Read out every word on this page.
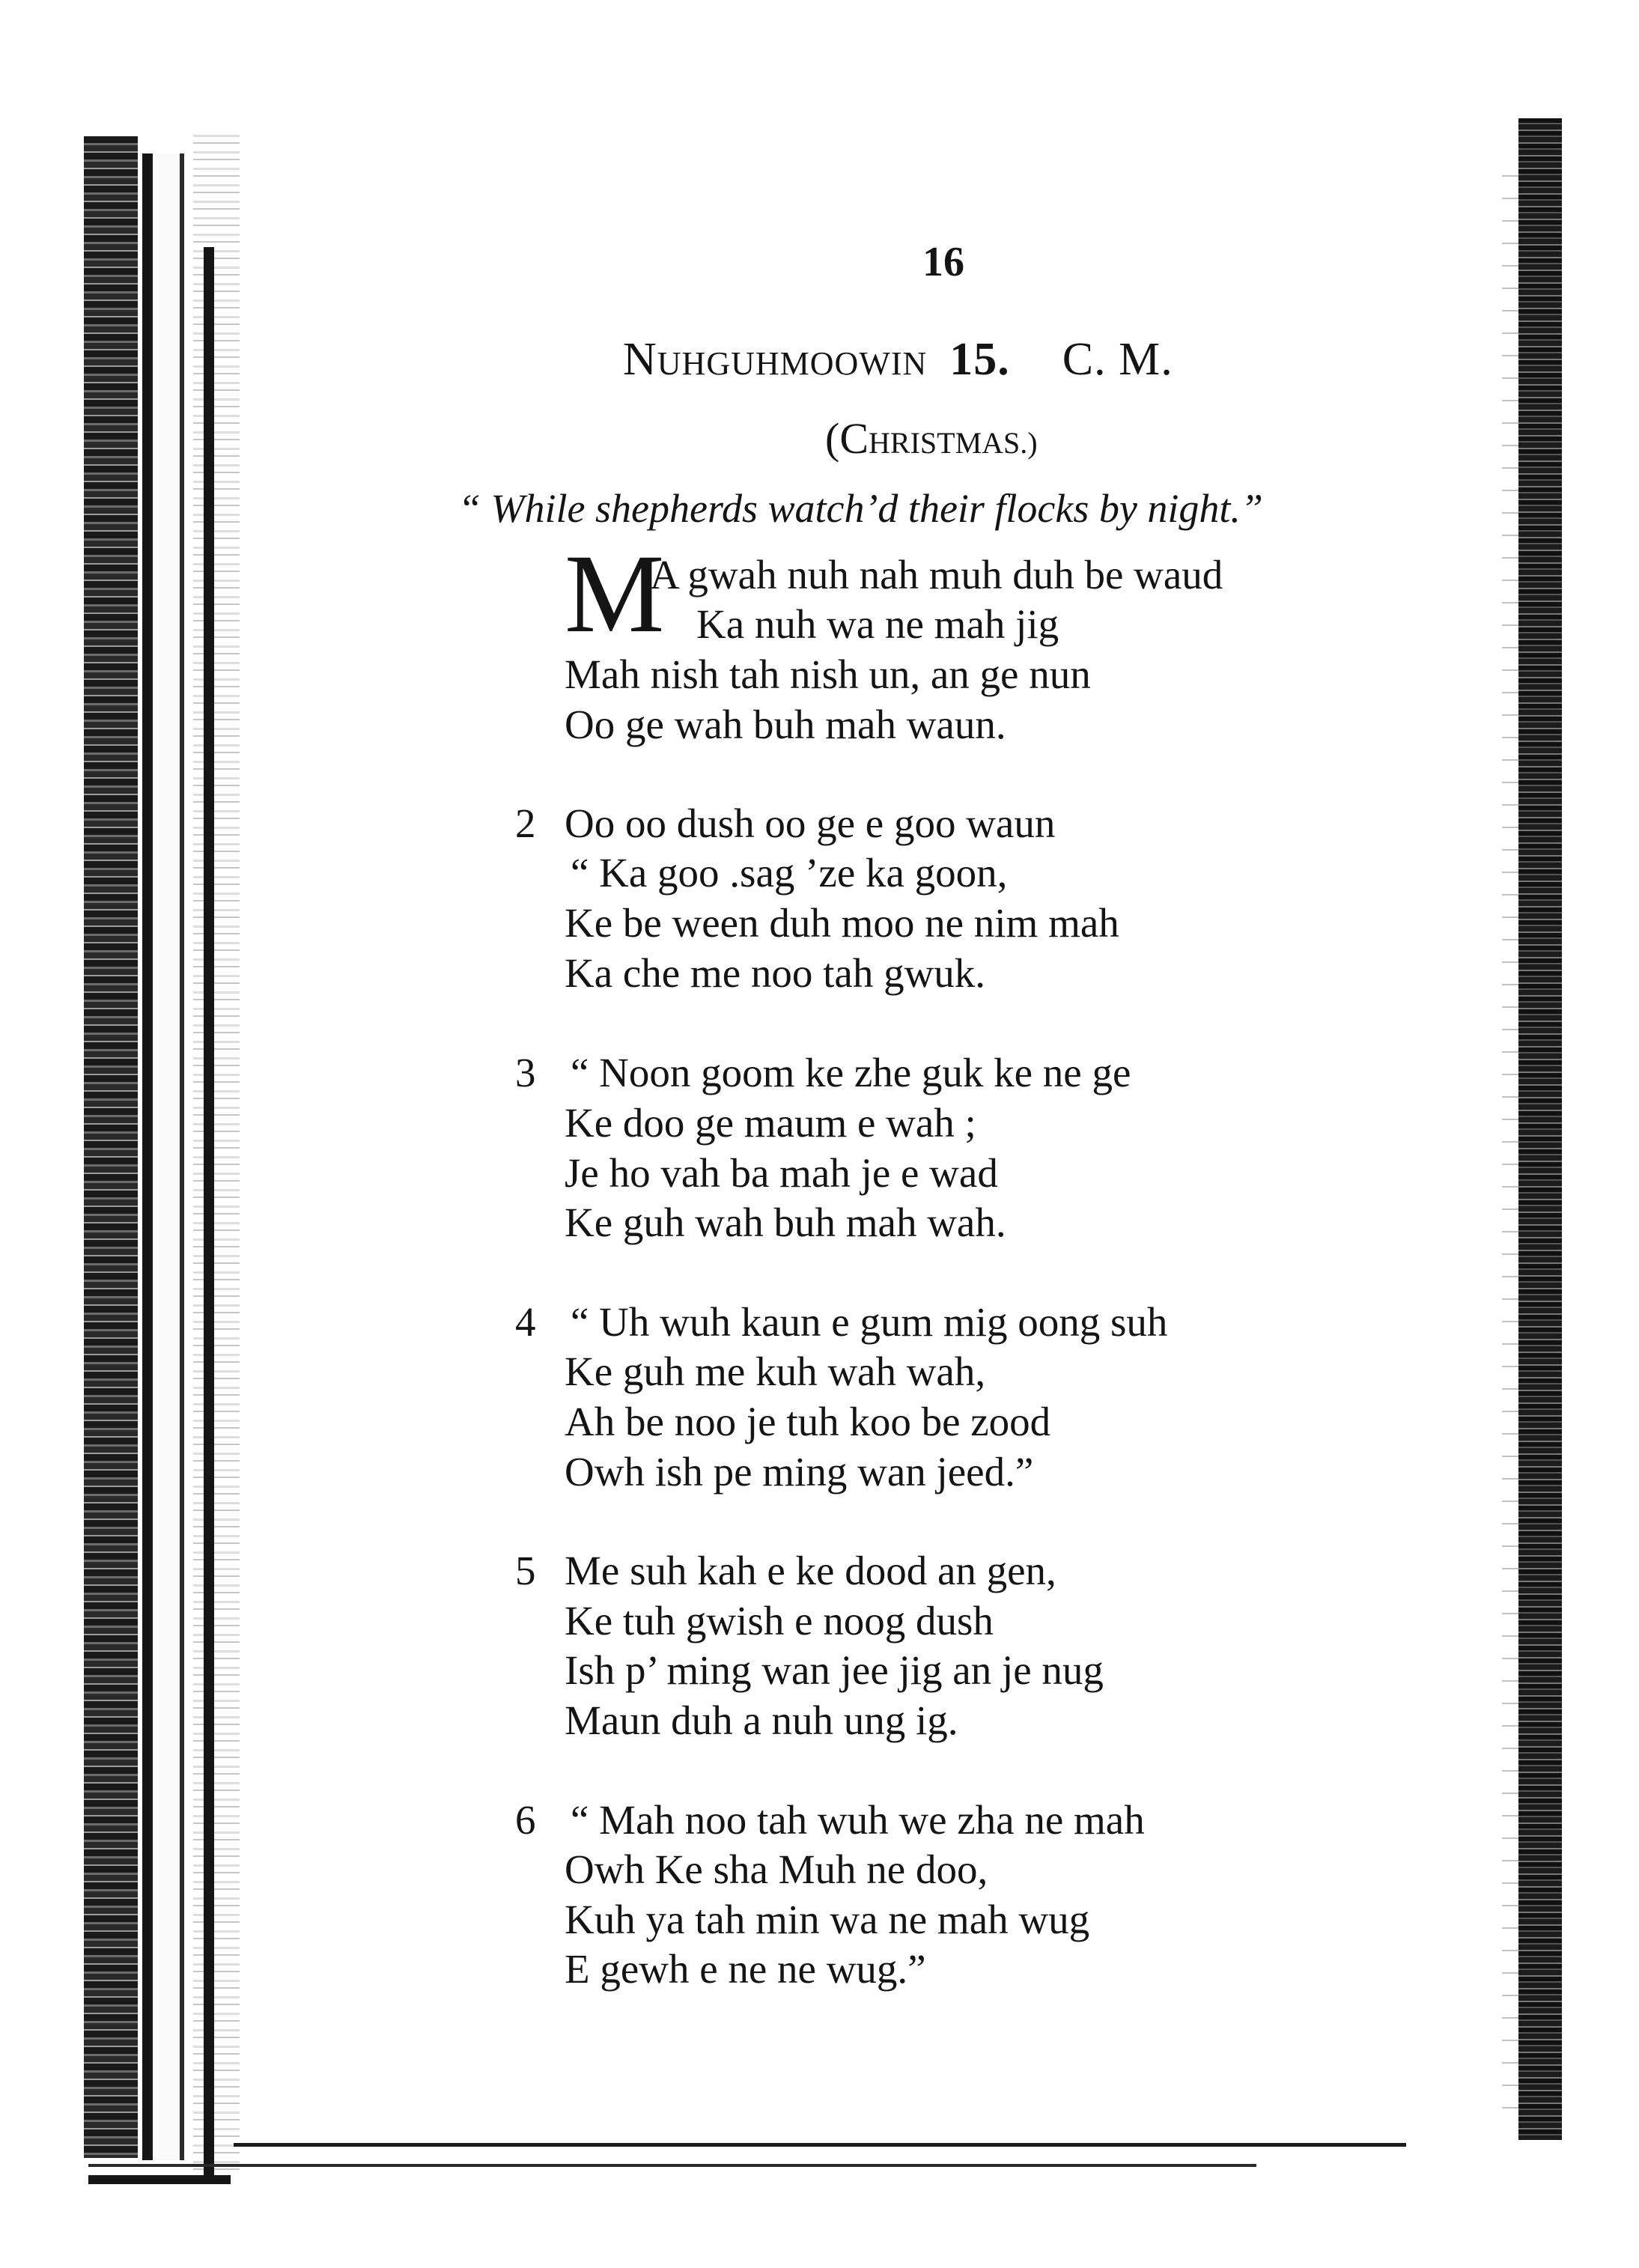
16
NUHGUHMOOWIN 15. C. M.
(CHRISTMAS.)
“ While shepherds watch’d their flocks by night.”
M
A gwah nuh nah muh duh be waud
Ka nuh wa ne mah jig
Mah nish tah nish un, an ge nun
Oo ge wah buh mah waun.
2 Oo oo dush oo ge e goo waun
“ Ka goo .sag ’ze ka goon,
Ke be ween duh moo ne nim mah
Ka che me noo tah gwuk.
3 “ Noon goom ke zhe guk ke ne ge
Ke doo ge maum e wah ;
Je ho vah ba mah je e wad
Ke guh wah buh mah wah.
4 “ Uh wuh kaun e gum mig oong suh
Ke guh me kuh wah wah,
Ah be noo je tuh koo be zood
Owh ish pe ming wan jeed.”
5 Me suh kah e ke dood an gen,
Ke tuh gwish e noog dush
Ish p’ ming wan jee jig an je nug
Maun duh a nuh ung ig.
6 “ Mah noo tah wuh we zha ne mah
Owh Ke sha Muh ne doo,
Kuh ya tah min wa ne mah wug
E gewh e ne ne wug.”
